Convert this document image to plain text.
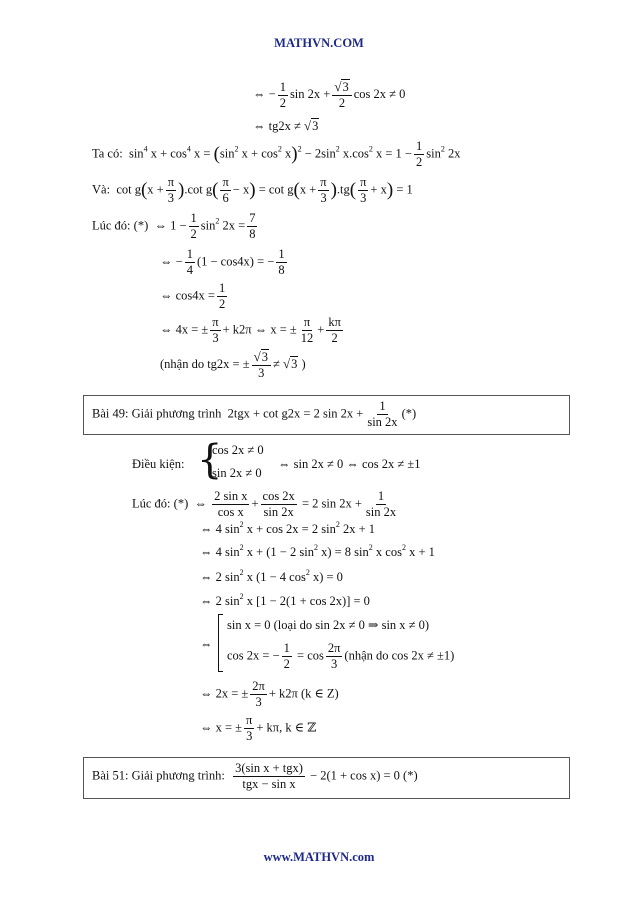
MATHVN.COM
⇔ − $\frac{1}{2}$ $\sin 2x + \frac{√3}{2}$ cos 2x ≠ 0
⇔ tg2x ≠ √3
Ta có: $\sin^4 x + \cos^4 x = (\sin^2$ $x + \cos^2 x)^2 - 2\sin^2$ $x.\cos^2$ $x = 1 - \frac{1}{2} \sin^2 2x$
Và: $\cot g(x + \frac{\pi}{3} ).\cot$ $g( \frac{\pi}{6} - x) = \cot g(x + \frac{\pi}{3} ).tg( \frac{\pi}{3} + x) = 1$
Lúc đó: (*) ⇔ $1 - \frac{1}{2} \sin^2 2x = \frac{7}{8}$
⇔ − $\frac{1}{4} (1 - \cos 4x)$ = − $\frac{1}{8}$
⇔ $\cos 4x = \frac{1}{2}$
⇔ 4x = ± $\frac{\pi}{3} + k2\pi$ ⇔ x = ± $\frac{\pi}{12} + \frac{k\pi}{2}$
(nhận do tg2x = ± $\frac{√3}{3} \ne √3$ )
Bài 49: Giải phương trình 2tgx + cot g2x = 2 $\sin 2x + \frac{1}{\sin 2x}$ (*)
Điều kiện: {
cos 2x ≠ 0
sin 2x ≠ 0
⇔ sin 2x ≠ 0 ⇔ cos 2x ≠ ±1
Lúc đó: (*) ⇔ $\frac{\text{2 sin x}}{\text{cos x}} + \frac{\cos 2x}{\sin 2x} = 2$ $\sin 2x + \frac{1}{\sin 2x}$
⇔ 4 $\sin^2 x + \cos 2x = 2$ $\sin^2 2x + 1$
⇔ 4 $\sin^2 x + (1 - 2$ $\sin^2 x) = 8$ $\sin^2 x$ $\cos^2 x + 1$
⇔ 2 $\sin^2 x$ (1 − 4 $\cos^2 x) = 0$
⇔ 2 $\sin^2 x$ [1 − 2(1 + cos 2x)] = 0
⇔
sin x = 0 (loại do sin 2x ≠ 0 ⇒ sin x ≠ 0)
cos 2x = − $\frac{1}{2} = \cos \frac{2\pi}{3}$ (nhận do cos 2x ≠ ±1)
⇔ 2x = ± $\frac{2\pi}{3} + k2\pi$ (k ∈ Z)
⇔ x = ± $\frac{\pi}{3} + k\pi$, k ∈ ℤ
Bài 51: Giải phương trình: $\frac{\text{3(sin x + tgx)}}{\text{tgx − sin x}} - 2(1 + \cos x) = 0$ (*)
www.MATHVN.com
